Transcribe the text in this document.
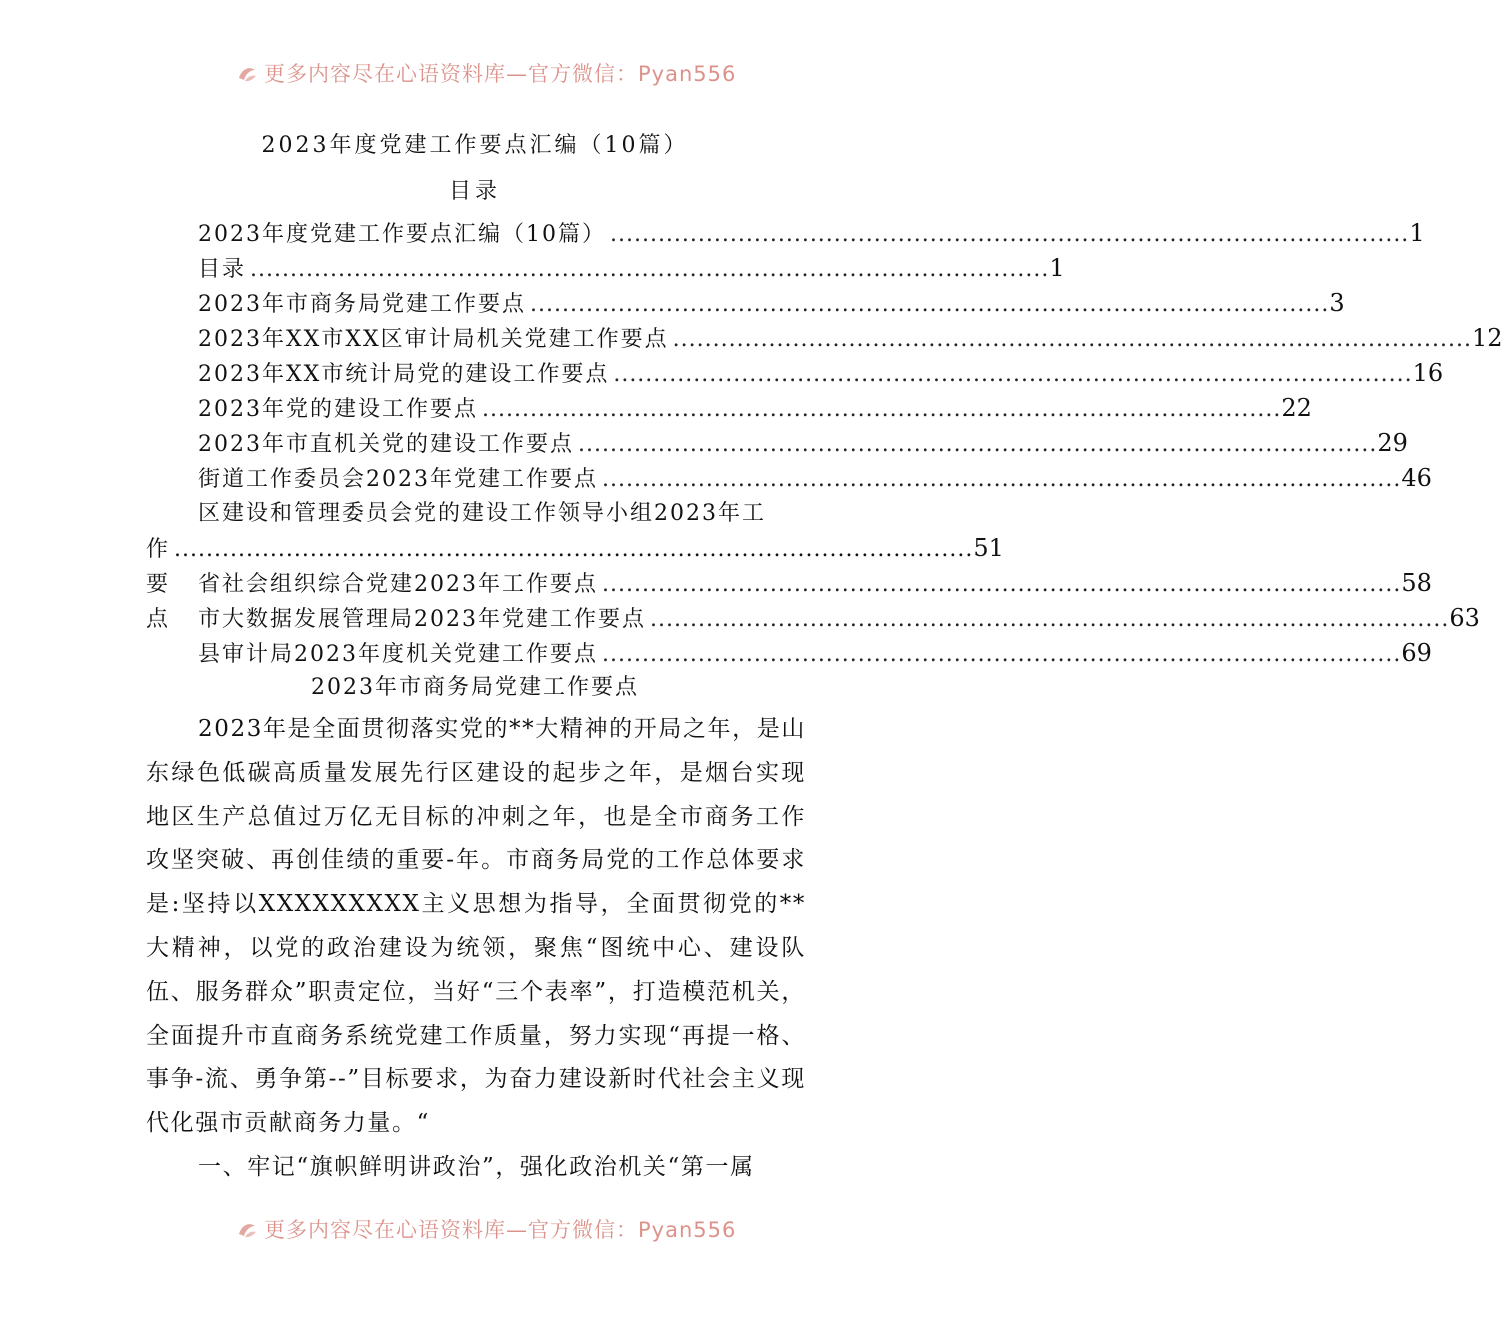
更多内容尽在心语资料库—官方微信：Pyan556
2023年度党建工作要点汇编（10篇）
目录
2023年度党建工作要点汇编（10篇） .................................................................................................... 1
目录 .................................................................................................... 1
2023年市商务局党建工作要点 .................................................................................................... 3
2023年XX市XX区审计局机关党建工作要点 .................................................................................................... 12
2023年XX市统计局党的建设工作要点 .................................................................................................... 16
2023年党的建设工作要点 .................................................................................................... 22
2023年市直机关党的建设工作要点 .................................................................................................... 29
街道工作委员会2023年党建工作要点 .................................................................................................... 46
区建设和管理委员会党的建设工作领导小组2023年工
作要点
.................................................................................................... 51
省社会组织综合党建2023年工作要点 .................................................................................................... 58
市大数据发展管理局2023年党建工作要点 .................................................................................................... 63
县审计局2023年度机关党建工作要点 .................................................................................................... 69
2023年市商务局党建工作要点

2023年是全面贯彻落实党的**大精神的开局之年，是山东绿色低碳高质量发展先行区建设的起步之年，是烟台实现地区生产总值过万亿无目标的冲刺之年，也是全市商务工作攻坚突破、再创佳绩的重要-年。市商务局党的工作总体要求是:坚持以XXXXXXXXX主义思想为指导，全面贯彻党的**大精神，以党的政治建设为统领，聚焦“图统中心、建设队伍、服务群众”职责定位，当好“三个表率”，打造模范机关，全面提升市直商务系统党建工作质量，努力实现“再提一格、事争-流、勇争第--”目标要求，为奋力建设新时代社会主义现代化强市贡献商务力量。“

一、牢记“旗帜鲜明讲政治”，强化政治机关“第一属

更多内容尽在心语资料库—官方微信：Pyan556
